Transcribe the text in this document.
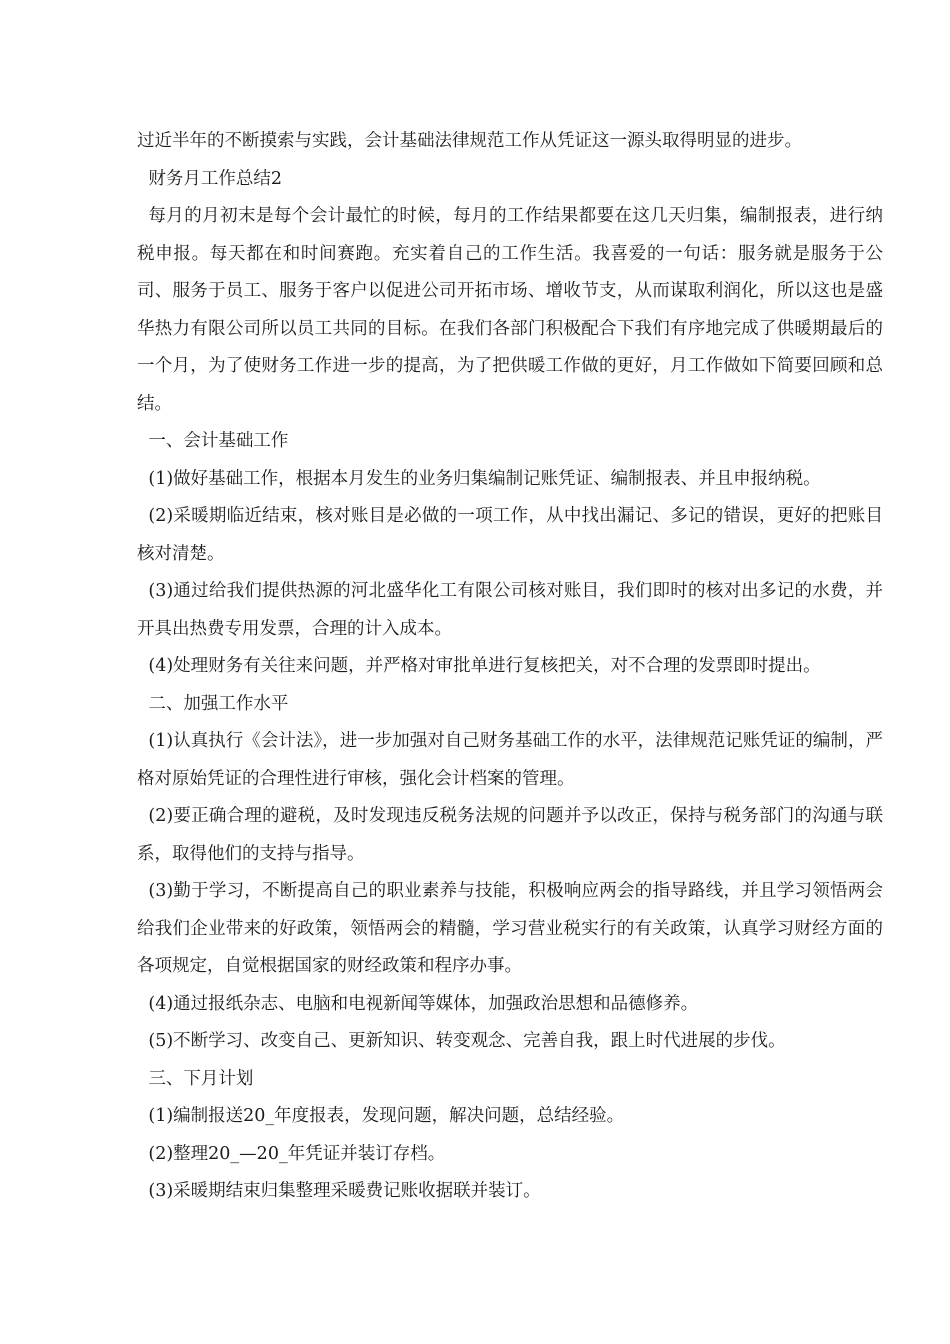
过近半年的不断摸索与实践，会计基础法律规范工作从凭证这一源头取得明显的进步。

财务月工作总结2

每月的月初末是每个会计最忙的时候，每月的工作结果都要在这几天归集，编制报表，进行纳税申报。每天都在和时间赛跑。充实着自己的工作生活。我喜爱的一句话：服务就是服务于公司、服务于员工、服务于客户以促进公司开拓市场、增收节支，从而谋取利润化，所以这也是盛华热力有限公司所以员工共同的目标。在我们各部门积极配合下我们有序地完成了供暖期最后的一个月，为了使财务工作进一步的提高，为了把供暖工作做的更好，月工作做如下简要回顾和总结。

一、会计基础工作

(1)做好基础工作，根据本月发生的业务归集编制记账凭证、编制报表、并且申报纳税。

(2)采暖期临近结束，核对账目是必做的一项工作，从中找出漏记、多记的错误，更好的把账目核对清楚。

(3)通过给我们提供热源的河北盛华化工有限公司核对账目，我们即时的核对出多记的水费，并开具出热费专用发票，合理的计入成本。

(4)处理财务有关往来问题，并严格对审批单进行复核把关，对不合理的发票即时提出。

二、加强工作水平

(1)认真执行《会计法》，进一步加强对自己财务基础工作的水平，法律规范记账凭证的编制，严格对原始凭证的合理性进行审核，强化会计档案的管理。

(2)要正确合理的避税，及时发现违反税务法规的问题并予以改正，保持与税务部门的沟通与联系，取得他们的支持与指导。

(3)勤于学习，不断提高自己的职业素养与技能，积极响应两会的指导路线，并且学习领悟两会给我们企业带来的好政策，领悟两会的精髓，学习营业税实行的有关政策，认真学习财经方面的各项规定，自觉根据国家的财经政策和程序办事。

(4)通过报纸杂志、电脑和电视新闻等媒体，加强政治思想和品德修养。

(5)不断学习、改变自己、更新知识、转变观念、完善自我，跟上时代进展的步伐。

三、下月计划

(1)编制报送20_年度报表，发现问题，解决问题，总结经验。

(2)整理20_—20_年凭证并装订存档。

(3)采暖期结束归集整理采暖费记账收据联并装订。
